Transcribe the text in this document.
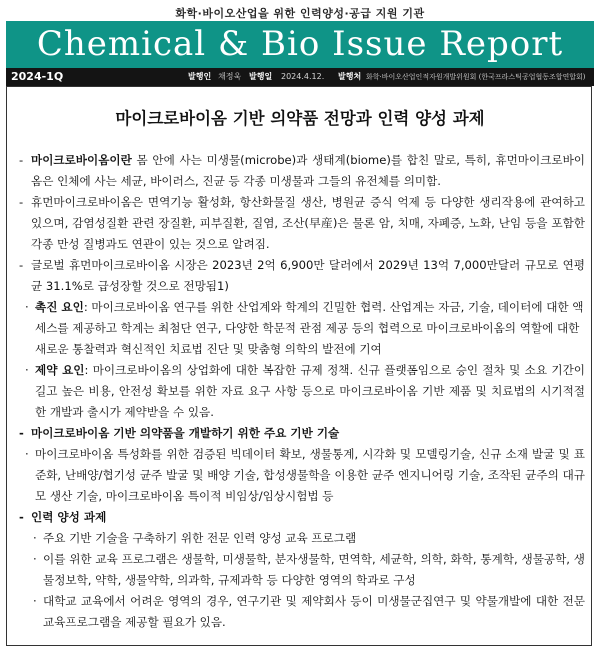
화학·바이오산업을 위한 인력양성·공급 지원 기관
Chemical & Bio Issue Report
2024-1Q	발행인 채정욱 발행일 2024.4.12. 발행처 화학·바이오산업인적자원개발위원회 (한국프라스틱공업협동조합연합회)
마이크로바이옴 기반 의약품 전망과 인력 양성 과제
- 마이크로바이옴이란 몸 안에 사는 미생물(microbe)과 생태계(biome)를 합친 말로, 특히, 휴먼마이크로바이옴은 인체에 사는 세균, 바이러스, 진균 등 각종 미생물과 그들의 유전체를 의미함.
- 휴먼마이크로바이옴은 면역기능 활성화, 항산화물질 생산, 병원균 증식 억제 등 다양한 생리작용에 관여하고 있으며, 감염성질환 관련 장질환, 피부질환, 질염, 조산(早産)은 물론 암, 치매, 자폐증, 노화, 난임 등을 포함한 각종 만성 질병과도 연관이 있는 것으로 알려짐.
- 글로벌 휴먼마이크로바이옴 시장은 2023년 2억 6,900만 달러에서 2029년 13억 7,000만달러 규모로 연평균 31.1%로 급성장할 것으로 전망됨1)
· 촉진 요인: 마이크로바이옴 연구를 위한 산업계와 학계의 긴밀한 협력. 산업계는 자금, 기술, 데이터에 대한 액세스를 제공하고 학계는 최첨단 연구, 다양한 학문적 관점 제공 등의 협력으로 마이크로바이옴의 역할에 대한 새로운 통찰력과 혁신적인 치료법 진단 및 맞춤형 의학의 발전에 기여
· 제약 요인: 마이크로바이옴의 상업화에 대한 복잡한 규제 정책. 신규 플랫폼임으로 승인 절차 및 소요 기간이 길고 높은 비용, 안전성 확보를 위한 자료 요구 사항 등으로 마이크로바이옴 기반 제품 및 치료법의 시기적절한 개발과 출시가 제약받을 수 있음.
- 마이크로바이옴 기반 의약품을 개발하기 위한 주요 기반 기술
· 마이크로바이옴 특성화를 위한 검증된 빅데이터 확보, 생물통계, 시각화 및 모델링기술, 신규 소재 발굴 및 표준화, 난배양/협기성 균주 발굴 및 배양 기술, 합성생물학을 이용한 균주 엔지니어링 기술, 조작된 균주의 대규모 생산 기술, 마이크로바이옴 특이적 비임상/임상시험법 등
- 인력 양성 과제
· 주요 기반 기술을 구축하기 위한 전문 인력 양성 교육 프로그램
· 이를 위한 교육 프로그램은 생물학, 미생물학, 분자생물학, 면역학, 세균학, 의학, 화학, 통계학, 생물공학, 생물정보학, 약학, 생물약학, 의과학, 규제과학 등 다양한 영역의 학과로 구성
· 대학교 교육에서 어려운 영역의 경우, 연구기관 및 제약회사 등이 미생물군집연구 및 약물개발에 대한 전문교육프로그램을 제공할 필요가 있음.
